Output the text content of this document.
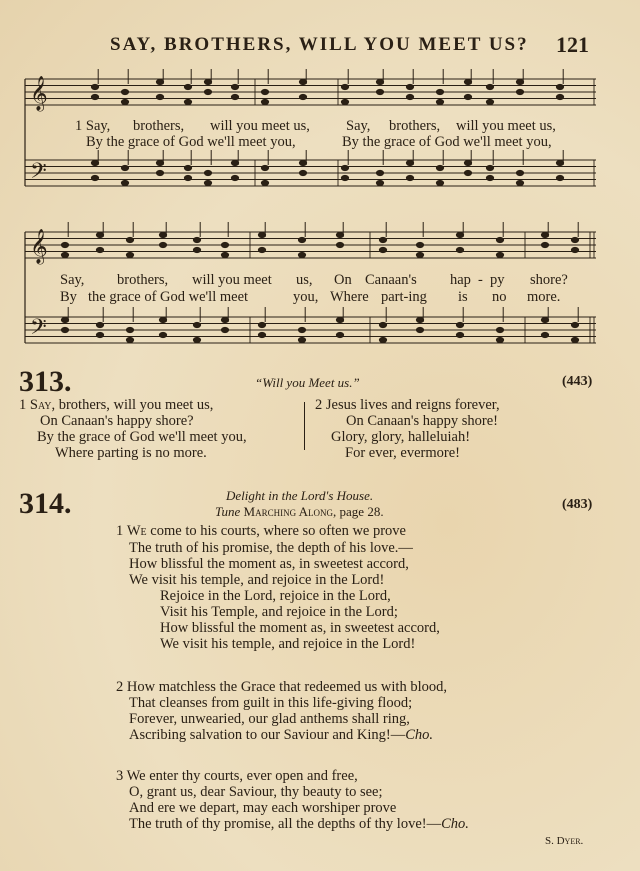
SAY, BROTHERS, WILL YOU MEET US? 121
𝄞
𝄢
𝄞
𝄢
1 Say, brothers, will you meet us, Say, brothers, will you meet us,
By the grace of God we'll meet you,	By the grace of God we'll meet you,
Say, brothers, will you meet us, On Canaan's hap - py shore?
By the grace of God we'll meet	you, Where part-ing is no more.
313.	“Will you Meet us.”	(443)
1 Say, brothers, will you meet us,
On Canaan's happy shore?
By the grace of God we'll meet you,
Where parting is no more.
2 Jesus lives and reigns forever,
On Canaan's happy shore!
Glory, glory, halleluiah!
For ever, evermore!
314.	Delight in the Lord's House.
Tune Marching Along, page 28.	(483)
1 We come to his courts, where so often we prove
The truth of his promise, the depth of his love.—
How blissful the moment as, in sweetest accord,
We visit his temple, and rejoice in the Lord!
Rejoice in the Lord, rejoice in the Lord,
Visit his Temple, and rejoice in the Lord;
How blissful the moment as, in sweetest accord,
We visit his temple, and rejoice in the Lord!
2 How matchless the Grace that redeemed us with blood,
That cleanses from guilt in this life-giving flood;
Forever, unwearied, our glad anthems shall ring,
Ascribing salvation to our Saviour and King!—Cho.
3 We enter thy courts, ever open and free,
O, grant us, dear Saviour, thy beauty to see;
And ere we depart, may each worshiper prove
The truth of thy promise, all the depths of thy love!—Cho.
S. Dyer.
